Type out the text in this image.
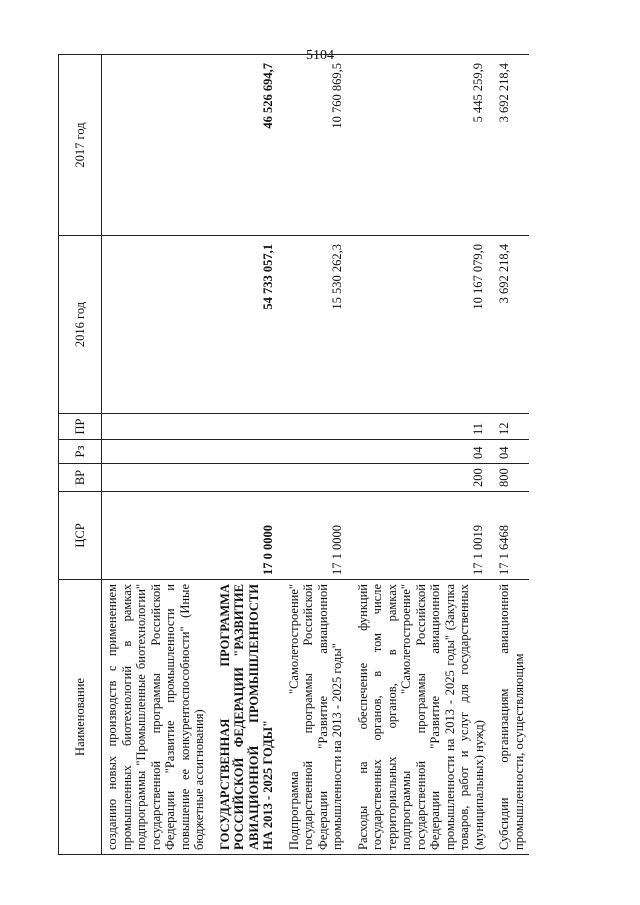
5104
Наименование	ЦСР	ВР	Рз	ПР	2016 год	2017 год
созданию новых производств с применением промышленных биотехнологий в рамках подпрограммы "Промышленные биотехнологии" государственной программы Российской Федерации "Развитие промышленности и повышение ее конкурентоспособности" (Иные бюджетные ассигнования)						
ГОСУДАРСТВЕННАЯ ПРОГРАММА РОССИЙСКОЙ ФЕДЕРАЦИИ "РАЗВИТИЕ АВИАЦИОННОЙ ПРОМЫШЛЕННОСТИ НА 2013 - 2025 ГОДЫ"	17 0 0000				54 733 057,1	46 526 694,7
Подпрограмма "Самолетостроение" государственной программы Российской Федерации "Развитие авиационной промышленности на 2013 - 2025 годы"	17 1 0000				15 530 262,3	10 760 869,5
Расходы на обеспечение функций государственных органов, в том числе территориальных органов, в рамках подпрограммы "Самолетостроение" государственной программы Российской Федерации "Развитие авиационной промышленности на 2013 - 2025 годы" (Закупка товаров, работ и услуг для государственных (муниципальных) нужд)	17 1 0019	200	04	11	10 167 079,0	5 445 259,9
Субсидии организациям авиационной промышленности, осуществляющим	17 1 6468	800	04	12	3 692 218,4	3 692 218,4
